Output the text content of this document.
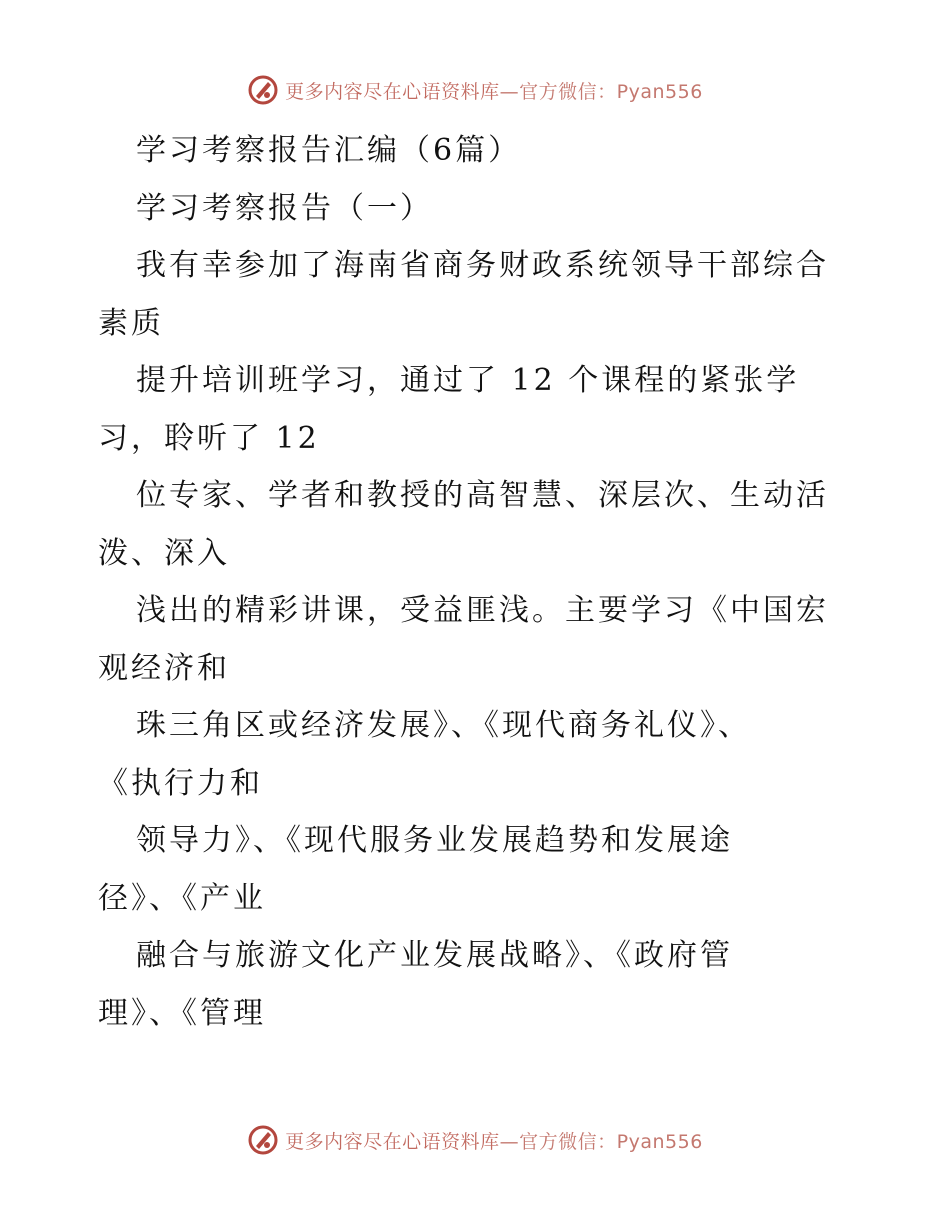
更多内容尽在心语资料库—官方微信：Pyan556
学习考察报告汇编（6篇）
学习考察报告（一）
我有幸参加了海南省商务财政系统领导干部综合
素质
提升培训班学习，通过了 12 个课程的紧张学
习，聆听了 12
位专家、学者和教授的高智慧、深层次、生动活
泼、深入
浅出的精彩讲课，受益匪浅。主要学习《中国宏
观经济和
珠三角区或经济发展》、《现代商务礼仪》、
《执行力和
领导力》、《现代服务业发展趋势和发展途
径》、《产业
融合与旅游文化产业发展战略》、《政府管
理》、《管理
更多内容尽在心语资料库—官方微信：Pyan556
